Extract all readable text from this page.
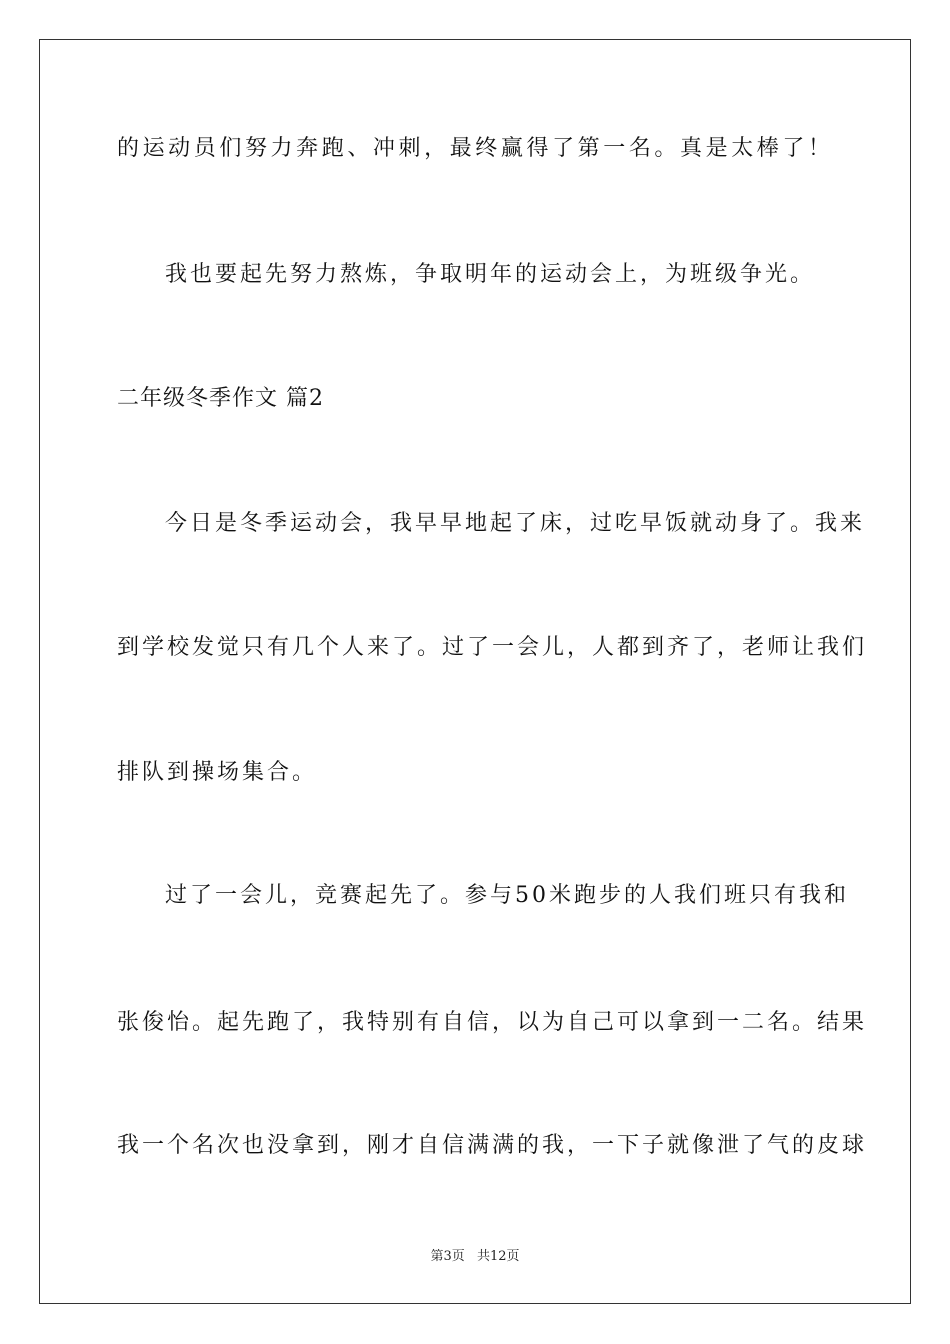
的运动员们努力奔跑、冲刺，最终赢得了第一名。真是太棒了！
我也要起先努力熬炼，争取明年的运动会上，为班级争光。
二年级冬季作文 篇2
今日是冬季运动会，我早早地起了床，过吃早饭就动身了。我来
到学校发觉只有几个人来了。过了一会儿，人都到齐了，老师让我们
排队到操场集合。
过了一会儿，竞赛起先了。参与50米跑步的人我们班只有我和
张俊怡。起先跑了，我特别有自信，以为自己可以拿到一二名。结果
我一个名次也没拿到，刚才自信满满的我，一下子就像泄了气的皮球
第3页 共12页
